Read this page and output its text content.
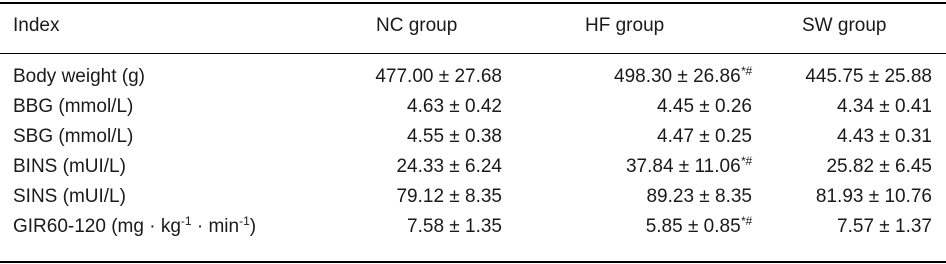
Index	NC group	HF group	SW group
Body weight (g)	477.00 ± 27.68	498.30 ± 26.86*#	445.75 ± 25.88
BBG (mmol/L)	4.63 ± 0.42	4.45 ± 0.26	4.34 ± 0.41
SBG (mmol/L)	4.55 ± 0.38	4.47 ± 0.25	4.43 ± 0.31
BINS (mUI/L)	24.33 ± 6.24	37.84 ± 11.06*#	25.82 ± 6.45
SINS (mUI/L)	79.12 ± 8.35	89.23 ± 8.35	81.93 ± 10.76
GIR60-120 $(mg \cdot kg^{-1} \cdot \min^{-1})$	7.58 ± 1.35	5.85 ± 0.85*#	7.57 ± 1.37
